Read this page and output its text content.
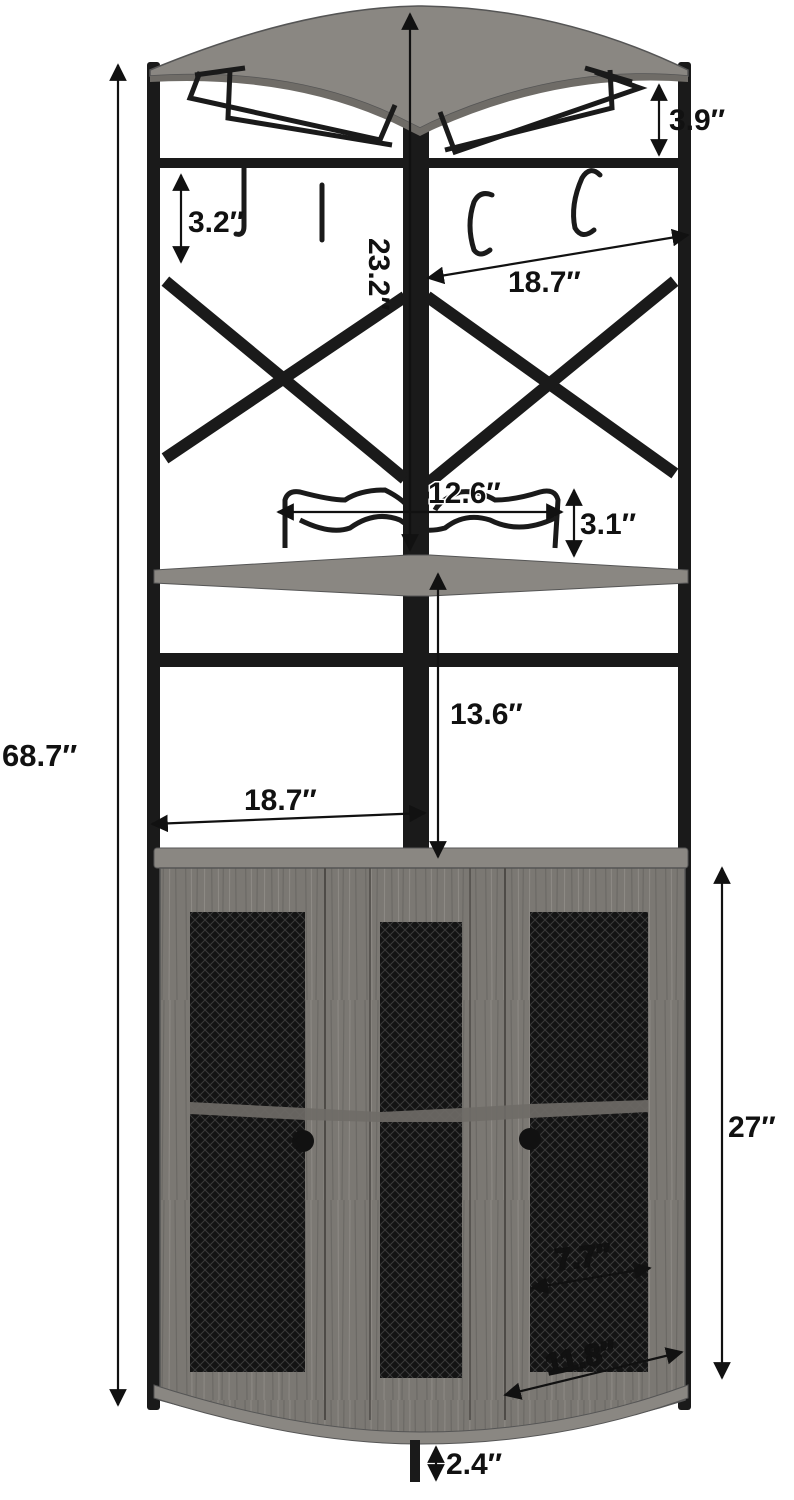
68.7″
3.9″
3.2″
23.2″	18.7″
12.6″
3.1″
13.6″
18.7″
27″
7.7″
11.8″
2.4″
